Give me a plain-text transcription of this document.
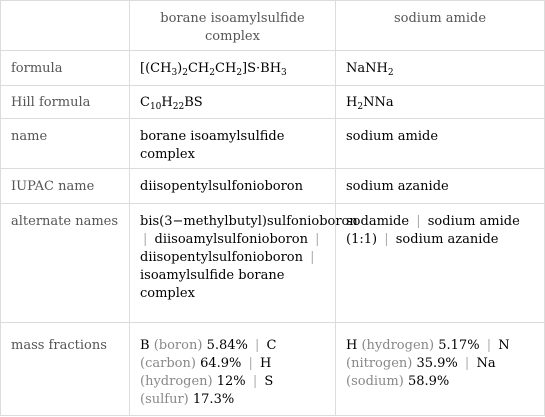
	borane isoamylsulfide complex	sodium amide
formula	$[(CH_3)_2CH_2CH_2]S\cdot BH_3$	NaNH$_2$
Hill formula	$C_{10}H_{22}BS$	$H_2NNa$
name	borane isoamylsulfide complex	sodium amide
IUPAC name	diisopentylsulfonioboron	sodium azanide
alternate names	bis(3−methylbutyl)sulfonioboron | diisoamylsulfonioboron | diisopentylsulfonioboron | isoamylsulfide borane complex	sodamide | sodium amide (1:1) | sodium azanide
mass fractions	B (boron) 5.84% | C (carbon) 64.9% | H (hydrogen) 12% | S (sulfur) 17.3%	H (hydrogen) 5.17% | N (nitrogen) 35.9% | Na (sodium) 58.9%
